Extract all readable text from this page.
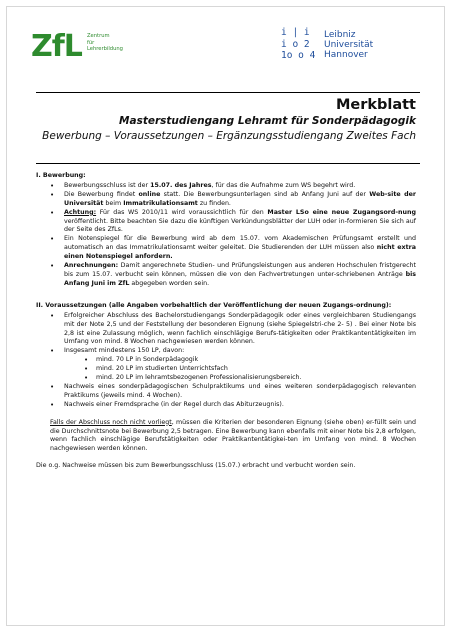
ZfL Zentrum
für
Lehrerbildung
i | i
i o 2
1o o 4
Leibniz
Universität
Hannover
Merkblatt
Masterstudiengang Lehramt für Sonderpädagogik
Bewerbung – Voraussetzungen – Ergänzungsstudiengang Zweites Fach
I. Bewerbung:
• Bewerbungsschluss ist der 15.07. des Jahres, für das die Aufnahme zum WS begehrt wird.
• Die Bewerbung findet online statt. Die Bewerbungsunterlagen sind ab Anfang Juni auf der Web-site der Universität beim Immatrikulationsamt zu finden.
• Achtung: Für das WS 2010/11 wird voraussichtlich für den Master LSo eine neue Zugangsord-nung veröffentlicht. Bitte beachten Sie dazu die künftigen Verkündungsblätter der LUH oder in-formieren Sie sich auf der Seite des ZfLs.
• Ein Notenspiegel für die Bewerbung wird ab dem 15.07. vom Akademischen Prüfungsamt erstellt und automatisch an das Immatrikulationsamt weiter geleitet. Die Studierenden der LUH müssen also nicht extra einen Notenspiegel anfordern.
• Anrechnungen: Damit angerechnete Studien- und Prüfungsleistungen aus anderen Hochschulen fristgerecht bis zum 15.07. verbucht sein können, müssen die von den Fachvertretungen unter-schriebenen Anträge bis Anfang Juni im ZfL abgegeben worden sein.
II. Voraussetzungen (alle Angaben vorbehaltlich der Veröffentlichung der neuen Zugangs-ordnung):
• Erfolgreicher Abschluss des Bachelorstudiengangs Sonderpädagogik oder eines vergleichbaren Studiengangs mit der Note 2,5 und der Feststellung der besonderen Eignung (siehe Spiegelstri-che 2- 5) . Bei einer Note bis 2,8 ist eine Zulassung möglich, wenn fachlich einschlägige Berufs-tätigkeiten oder Praktikantentätigkeiten im Umfang von mind. 8 Wochen nachgewiesen werden können.
• Insgesamt mindestens 150 LP, davon:
• mind. 70 LP in Sonderpädagogik
• mind. 20 LP im studierten Unterrichtsfach
• mind. 20 LP im lehramtsbezogenen Professionalisierungsbereich.
• Nachweis eines sonderpädagogischen Schulpraktikums und eines weiteren sonderpädagogisch relevanten Praktikums (jeweils mind. 4 Wochen).
• Nachweis einer Fremdsprache (in der Regel durch das Abiturzeugnis).
Falls der Abschluss noch nicht vorliegt, müssen die Kriterien der besonderen Eignung (siehe oben) er-füllt sein und die Durchschnittsnote bei Bewerbung 2,5 betragen. Eine Bewerbung kann ebenfalls mit einer Note bis 2,8 erfolgen, wenn fachlich einschlägige Berufstätigkeiten oder Praktikantentätigkei-ten im Umfang von mind. 8 Wochen nachgewiesen werden können.
Die o.g. Nachweise müssen bis zum Bewerbungsschluss (15.07.) erbracht und verbucht worden sein.
